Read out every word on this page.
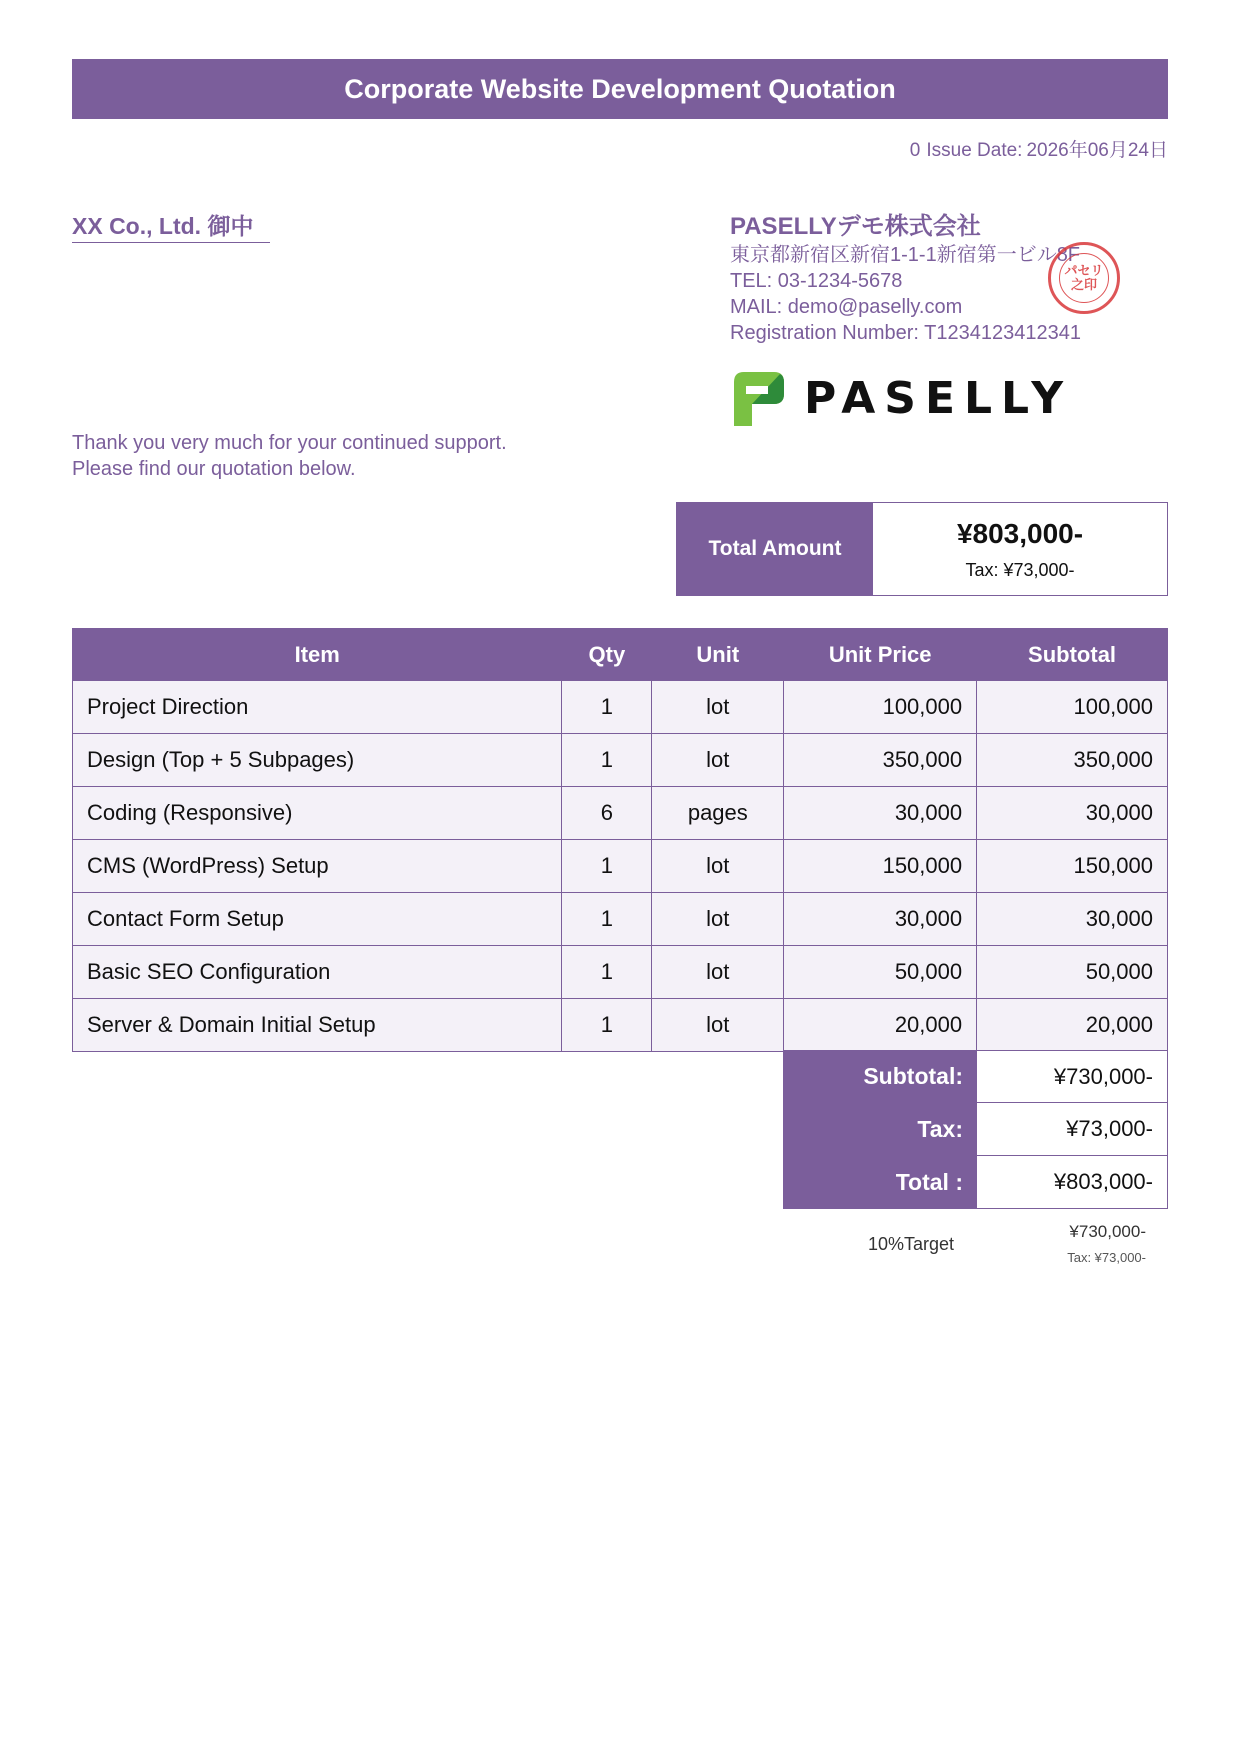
Corporate Website Development Quotation
0 Issue Date: 2026年06月24日
XX Co., Ltd. 御中	PASELLYデモ株式会社
東京都新宿区新宿1-1-1新宿第一ビル8F
TEL: 03-1234-5678
MAIL: demo@paselly.com
Registration Number: T1234123412341
パセリ
之印
PASELLY
Thank you very much for your continued support.
Please find our quotation below.
Total Amount	¥803,000-
Tax: ¥73,000-
Item	Qty	Unit	Unit Price	Subtotal
Project Direction	1	lot	100,000	100,000
Design (Top + 5 Subpages)	1	lot	350,000	350,000
Coding (Responsive)	6	pages	30,000	30,000
CMS (WordPress) Setup	1	lot	150,000	150,000
Contact Form Setup	1	lot	30,000	30,000
Basic SEO Configuration	1	lot	50,000	50,000
Server & Domain Initial Setup	1	lot	20,000	20,000
Subtotal:	¥730,000-
Tax:	¥73,000-
Total :	¥803,000-
10%Target
¥730,000-
Tax: ¥73,000-
